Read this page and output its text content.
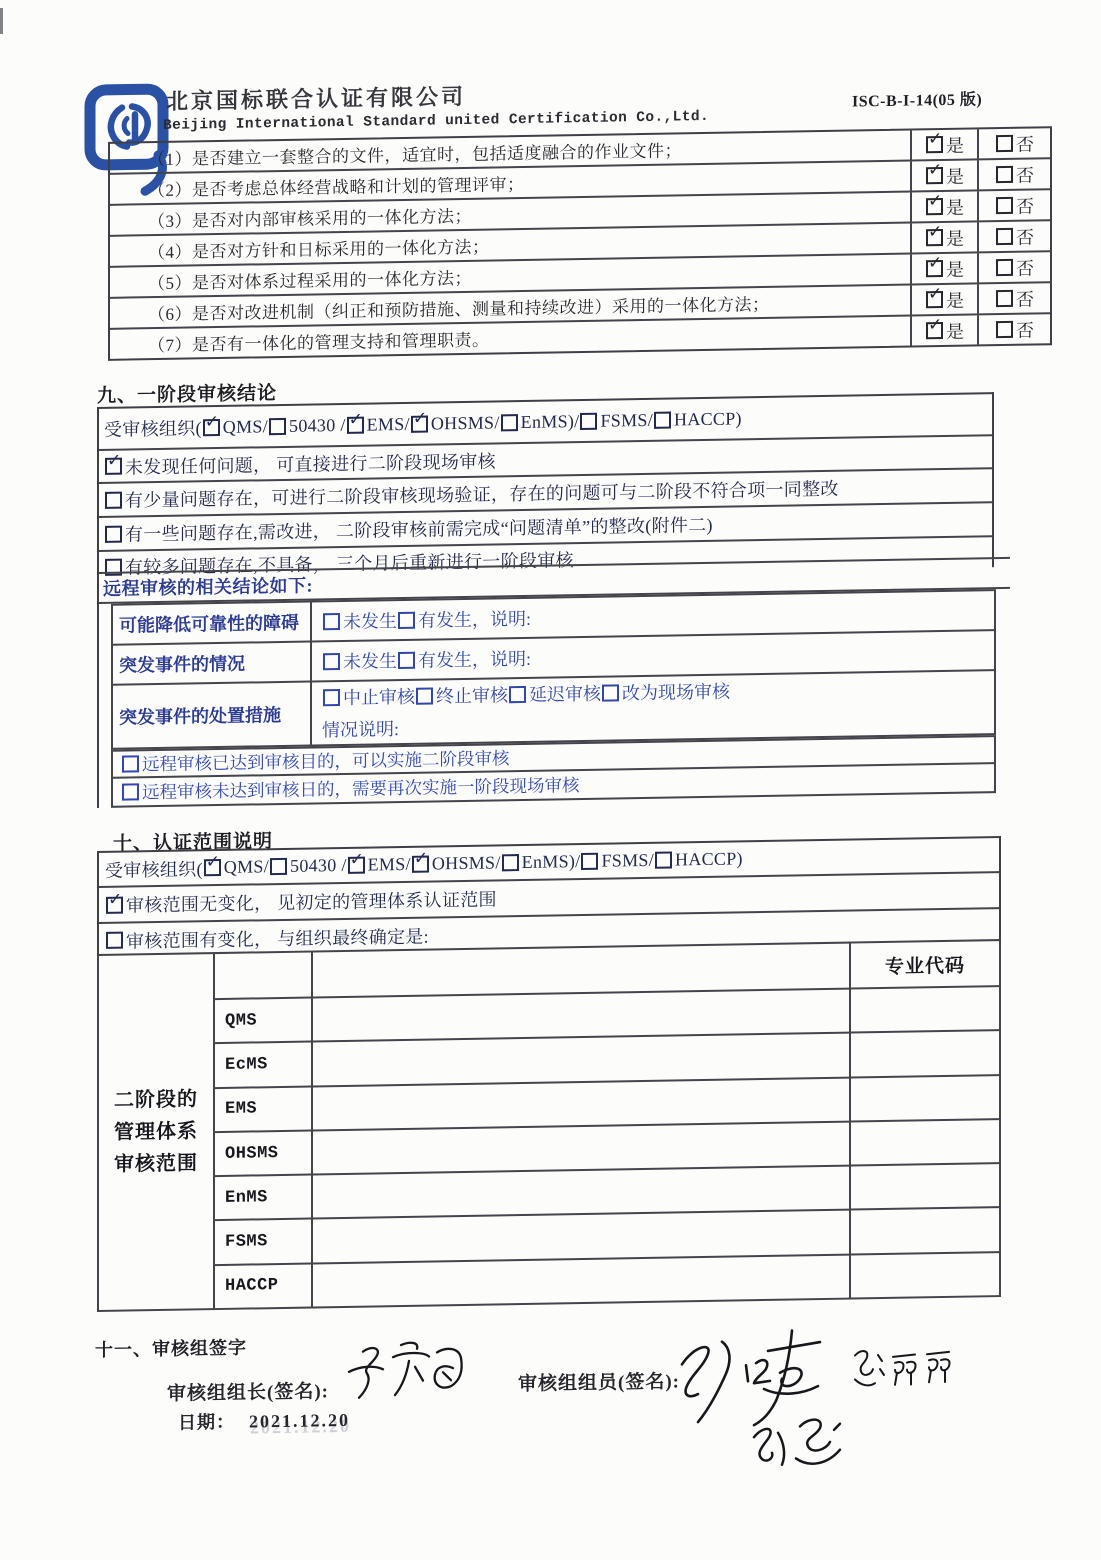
北京国标联合认证有限公司
Beijing International Standard united Certification Co.,Ltd.
ISC-B-I-14(05 版)
（1）是否建立一套整合的文件，适宜时，包括适度融合的作业文件；
✓ 是	否
（2）是否考虑总体经营战略和计划的管理评审；
✓ 是	否
（3）是否对内部审核采用的一体化方法；
✓ 是	否
（4）是否对方针和日标采用的一体化方法；
✓ 是	否
（5）是否对体系过程采用的一体化方法；
✓ 是	否
（6）是否对改进机制（纠正和预防措施、测量和持续改进）采用的一体化方法；
✓ 是	否
（7）是否有一体化的管理支持和管理职责。
✓ 是	否
九、一阶段审核结论
受审核组织( ✓ QMS/ 50430 / ✓ EMS/ ✓ OHSMS/ EnMS)/ FSMS/ HACCP)
✓ 未发现任何问题， 可直接进行二阶段现场审核
有少量问题存在，可进行二阶段审核现场验证，存在的问题可与二阶段不符合项一同整改
有一些问题存在,需改进， 二阶段审核前需完成“问题清单”的整改(附件二)
有较多问题存在,不具备， 三个月后重新进行一阶段审核
远程审核的相关结论如下:
可能降低可靠性的障碍	未发生 有发生，说明:
突发事件的情况	未发生 有发生，说明:
突发事件的处置措施
中止审核 终止审核 延迟审核 改为现场审核
情况说明:
远程审核已达到审核目的，可以实施二阶段审核
远程审核未达到审核日的，需要再次实施一阶段现场审核
十、认证范围说明
受审核组织( ✓ QMS/ 50430 / ✓ EMS/ ✓ OHSMS/ EnMS)/ FSMS/ HACCP)
✓ 审核范围无变化， 见初定的管理体系认证范围
审核范围有变化， 与组织最终确定是:
二阶段的
管理体系
审核范围
专业代码
QMS
EcMS
EMS
OHSMS
EnMS
FSMS
HACCP
十一、审核组签字
审核组组长(签名):	审核组组员(签名):
日期： 2021.12.20
